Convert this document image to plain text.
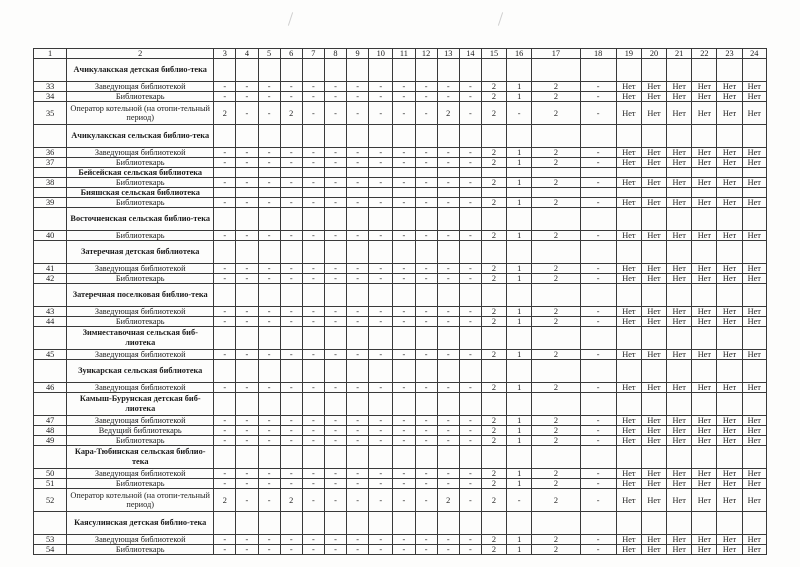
1	2	3	4	5	6	7	8	9	10	11	12	13	14	15	16	17	18	19	20	21	22	23	24
	Ачикулакская детская библио-тека																						
33	Заведующая библиотекой	-	-	-	-	-	-	-	-	-	-	-	-	2	1	2	-	Нет	Нет	Нет	Нет	Нет	Нет
34	Библиотекарь	-	-	-	-	-	-	-	-	-	-	-	-	2	1	2	-	Нет	Нет	Нет	Нет	Нет	Нет
35	Оператор котельной (на отопи-тельный период)	2	-	-	2	-	-	-	-	-	-	2	-	2	-	2	-	Нет	Нет	Нет	Нет	Нет	Нет
	Ачикулакская сельская библио-тека																						
36	Заведующая библиотекой	-	-	-	-	-	-	-	-	-	-	-	-	2	1	2	-	Нет	Нет	Нет	Нет	Нет	Нет
37	Библиотекарь	-	-	-	-	-	-	-	-	-	-	-	-	2	1	2	-	Нет	Нет	Нет	Нет	Нет	Нет
	Бейсейская сельская библиотека																						
38	Библиотекарь	-	-	-	-	-	-	-	-	-	-	-	-	2	1	2	-	Нет	Нет	Нет	Нет	Нет	Нет
	Бияшская сельская библиотека																						
39	Библиотекарь	-	-	-	-	-	-	-	-	-	-	-	-	2	1	2	-	Нет	Нет	Нет	Нет	Нет	Нет
	Восточненская сельская библио-тека																						
40	Библиотекарь	-	-	-	-	-	-	-	-	-	-	-	-	2	1	2	-	Нет	Нет	Нет	Нет	Нет	Нет
	Затеречная детская библиотека																						
41	Заведующая библиотекой	-	-	-	-	-	-	-	-	-	-	-	-	2	1	2	-	Нет	Нет	Нет	Нет	Нет	Нет
42	Библиотекарь	-	-	-	-	-	-	-	-	-	-	-	-	2	1	2	-	Нет	Нет	Нет	Нет	Нет	Нет
	Затеречная поселковая библио-тека																						
43	Заведующая библиотекой	-	-	-	-	-	-	-	-	-	-	-	-	2	1	2	-	Нет	Нет	Нет	Нет	Нет	Нет
44	Библиотекарь	-	-	-	-	-	-	-	-	-	-	-	-	2	1	2	-	Нет	Нет	Нет	Нет	Нет	Нет
	Зимнеставочная сельская биб-лиотека																						
45	Заведующая библиотекой	-	-	-	-	-	-	-	-	-	-	-	-	2	1	2	-	Нет	Нет	Нет	Нет	Нет	Нет
	Зункарская сельская библиотека																						
46	Заведующая библиотекой	-	-	-	-	-	-	-	-	-	-	-	-	2	1	2	-	Нет	Нет	Нет	Нет	Нет	Нет
	Камыш-Бурунская детская биб-лиотека																						
47	Заведующая библиотекой	-	-	-	-	-	-	-	-	-	-	-	-	2	1	2	-	Нет	Нет	Нет	Нет	Нет	Нет
48	Ведущий библиотекарь	-	-	-	-	-	-	-	-	-	-	-	-	2	1	2	-	Нет	Нет	Нет	Нет	Нет	Нет
49	Библиотекарь	-	-	-	-	-	-	-	-	-	-	-	-	2	1	2	-	Нет	Нет	Нет	Нет	Нет	Нет
	Кара-Тюбинская сельская библио-тека																						
50	Заведующая библиотекой	-	-	-	-	-	-	-	-	-	-	-	-	2	1	2	-	Нет	Нет	Нет	Нет	Нет	Нет
51	Библиотекарь	-	-	-	-	-	-	-	-	-	-	-	-	2	1	2	-	Нет	Нет	Нет	Нет	Нет	Нет
52	Оператор котельной (на отопи-тельный период)	2	-	-	2	-	-	-	-	-	-	2	-	2	-	2	-	Нет	Нет	Нет	Нет	Нет	Нет
	Каясулинская детская библио-тека																						
53	Заведующая библиотекой	-	-	-	-	-	-	-	-	-	-	-	-	2	1	2	-	Нет	Нет	Нет	Нет	Нет	Нет
54	Библиотекарь	-	-	-	-	-	-	-	-	-	-	-	-	2	1	2	-	Нет	Нет	Нет	Нет	Нет	Нет
